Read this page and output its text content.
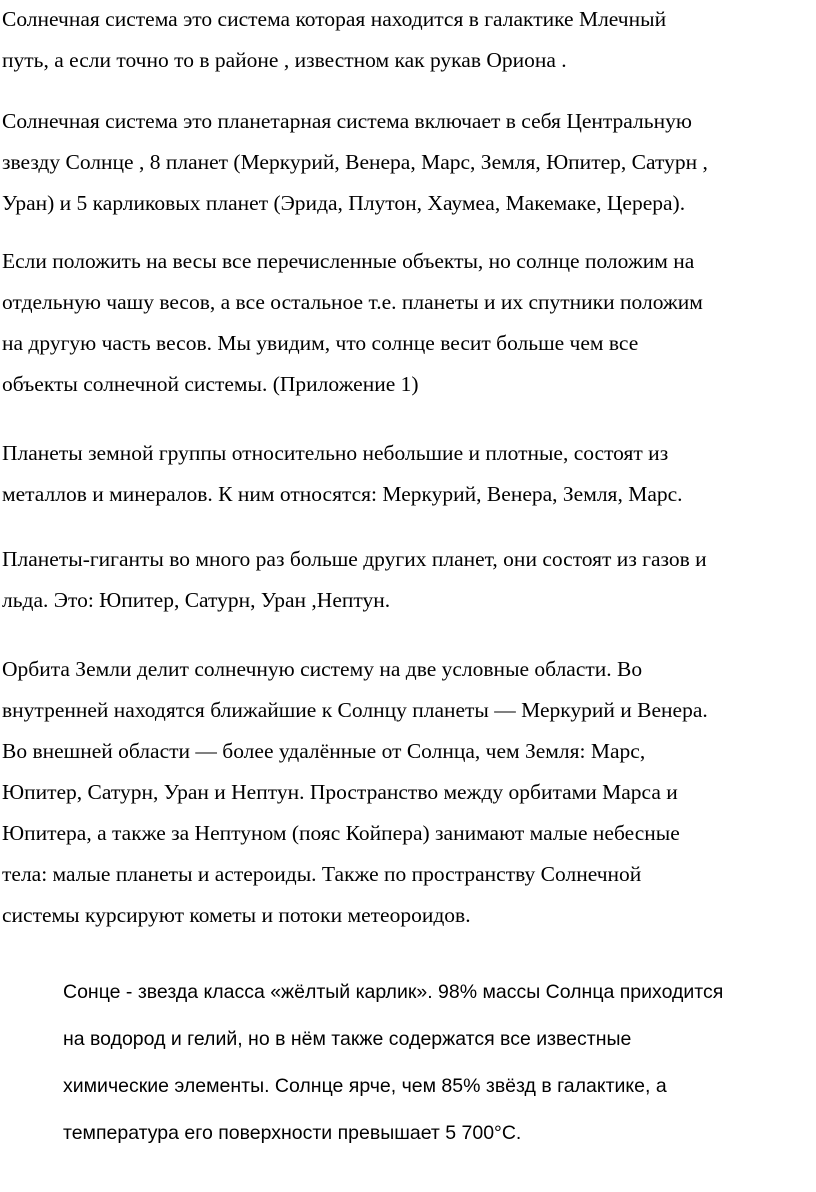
Солнечная система это система которая находится в галактике Млечный
путь, а если точно то в районе , известном как рукав Ориона .
Солнечная система это планетарная система включает в себя Центральную
звезду Солнце , 8 планет (Меркурий, Венера, Марс, Земля, Юпитер, Сатурн ,
Уран) и 5 карликовых планет (Эрида, Плутон, Хаумеа, Макемаке, Церера).
Если положить на весы все перечисленные объекты, но солнце положим на
отдельную чашу весов, а все остальное т.е. планеты и их спутники положим
на другую часть весов. Мы увидим, что солнце весит больше чем все
объекты солнечной системы. (Приложение 1)
Планеты земной группы относительно небольшие и плотные, состоят из
металлов и минералов. К ним относятся: Меркурий, Венера, Земля, Марс.
Планеты-гиганты во много раз больше других планет, они состоят из газов и
льда. Это: Юпитер, Сатурн, Уран ,Нептун.
Орбита Земли делит солнечную систему на две условные области. Во
внутренней находятся ближайшие к Солнцу планеты — Меркурий и Венера.
Во внешней области — более удалённые от Солнца, чем Земля: Марс,
Юпитер, Сатурн, Уран и Нептун. Пространство между орбитами Марса и
Юпитера, а также за Нептуном (пояс Койпера) занимают малые небесные
тела: малые планеты и астероиды. Также по пространству Солнечной
системы курсируют кометы и потоки метеороидов.
Сонце - звезда класса «жёлтый карлик». 98% массы Солнца приходится
на водород и гелий, но в нём также содержатся все известные
химические элементы. Солнце ярче, чем 85% звёзд в галактике, а
температура его поверхности превышает 5 700°С.
